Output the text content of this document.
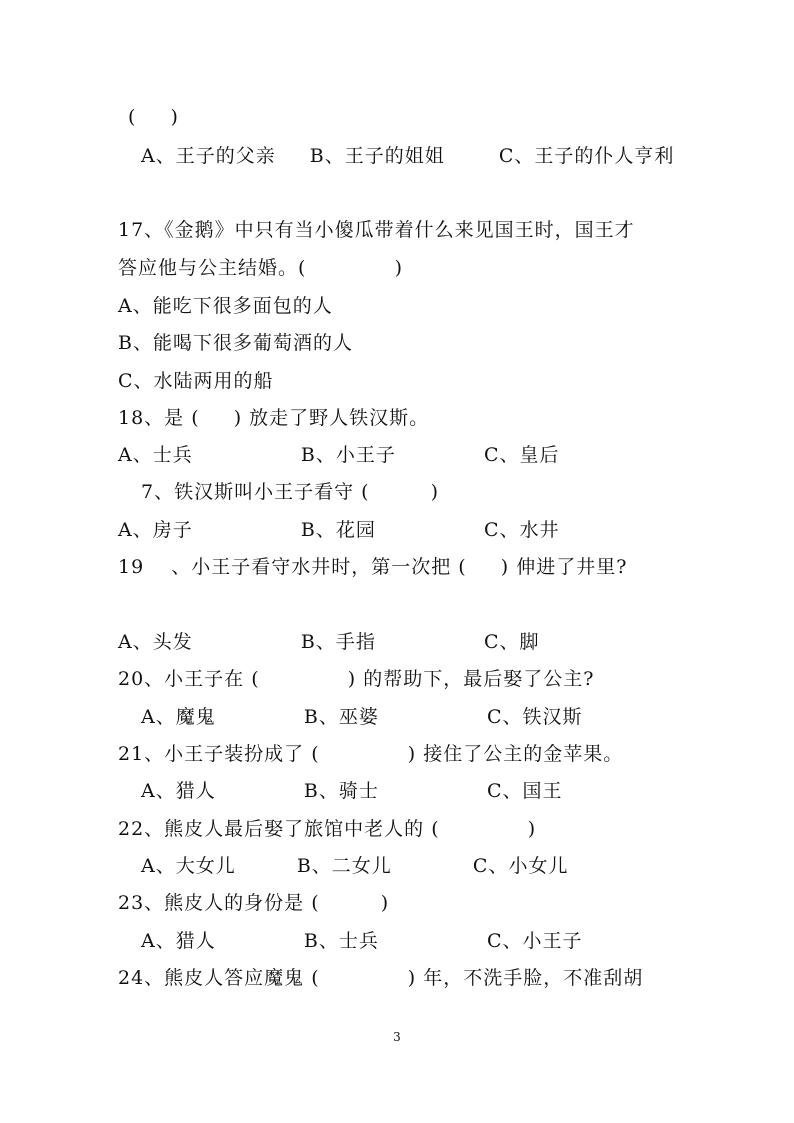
( 　 )
A、王子的父亲 　 B、王子的姐姐 　 　C、王子的仆人亨利
17、《金鹅》中只有当小傻瓜带着什么来见国王时，国王才
答应他与公主结婚。( 　 　 　 )
A、能吃下很多面包的人
B、能喝下很多葡萄酒的人
C、水陆两用的船
18、是 ( 　 ) 放走了野人铁汉斯。
A、士兵 　 　 　 　B、小王子 　 　 　 C、皇后
7、铁汉斯叫小王子看守 ( 　 　 )
A、房子 　 　 　 　B、花园 　 　 　 　C、水井
19 　、小王子看守水井时，第一次把 ( 　 ) 伸进了井里?
A、头发 　 　 　 　B、手指 　 　 　 　C、脚
20、小王子在 ( 　 　 　 ) 的帮助下，最后娶了公主?
A、魔鬼 　 　 　 B、巫婆 　 　 　 　C、铁汉斯
21、小王子装扮成了 ( 　 　 　 ) 接住了公主的金苹果。
A、猎人 　 　 　 B、骑士 　 　 　 　C、国王
22、熊皮人最后娶了旅馆中老人的 ( 　 　 　 )
A、大女儿 　 　 B、二女儿 　 　 　C、小女儿
23、熊皮人的身份是 ( 　 　 )
A、猎人 　 　 　 B、士兵 　 　 　 　C、小王子
24、熊皮人答应魔鬼 ( 　 　 　 ) 年，不洗手脸，不准刮胡
3
